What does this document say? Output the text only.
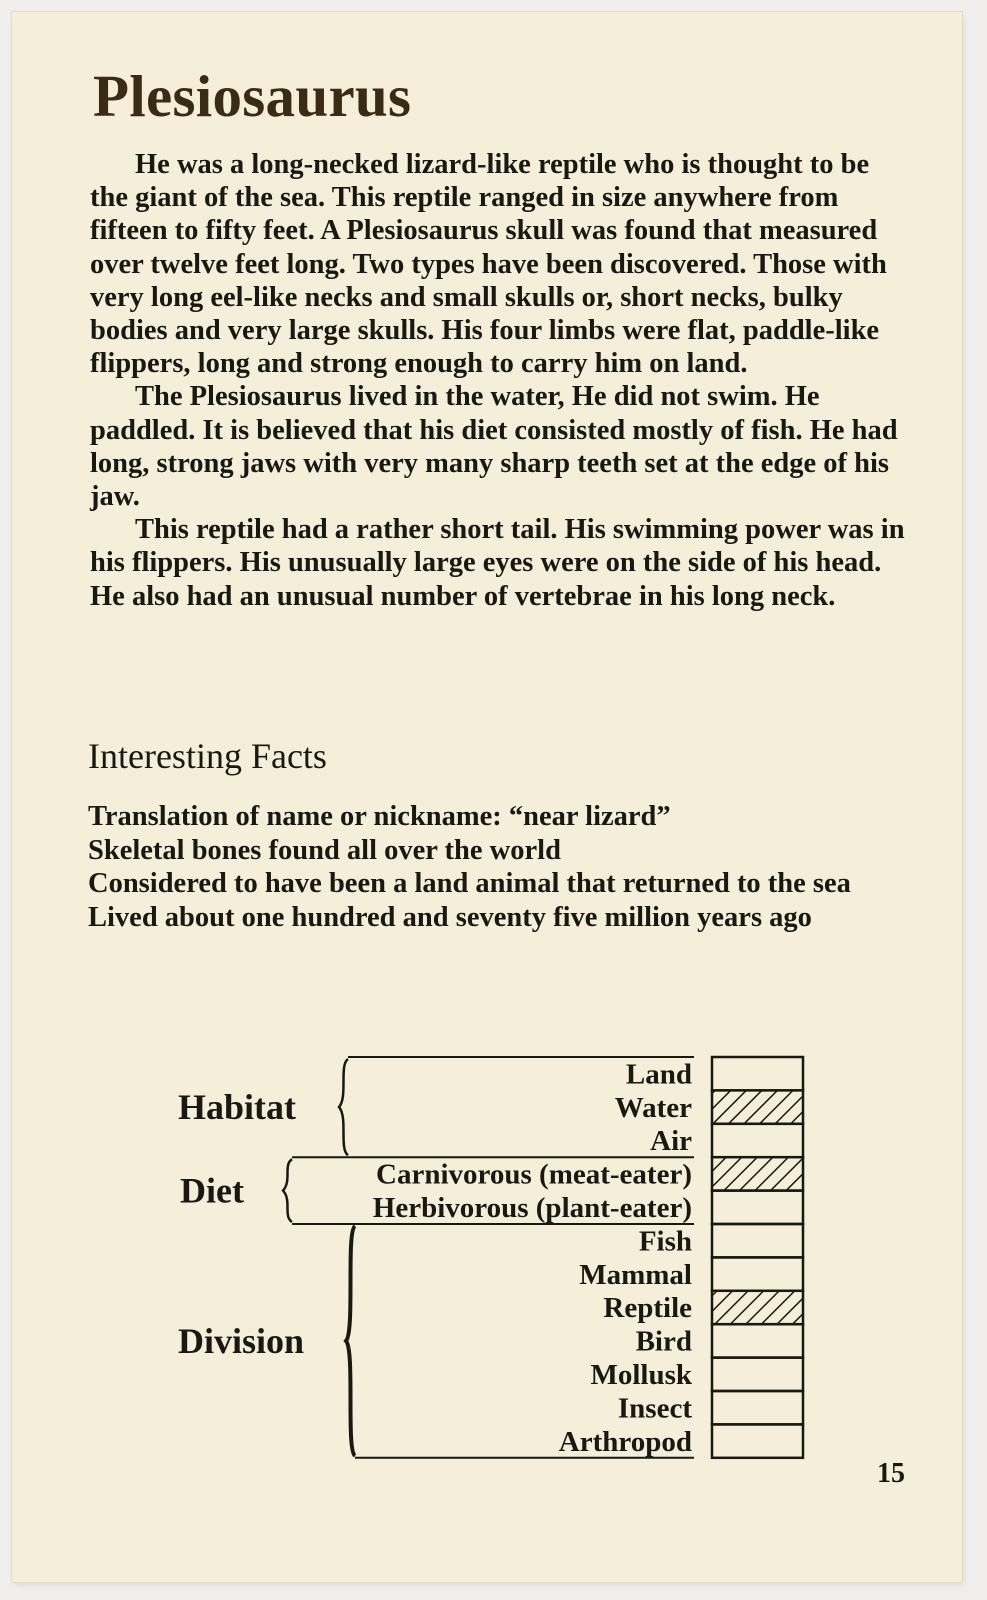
Plesiosaurus

He was a long-necked lizard-like reptile who is thought to be the giant of the sea. This reptile ranged in size anywhere from fifteen to fifty feet. A Plesiosaurus skull was found that measured over twelve feet long. Two types have been discovered. Those with very long eel-like necks and small skulls or, short necks, bulky bodies and very large skulls. His four limbs were flat, paddle-like flippers, long and strong enough to carry him on land.

The Plesiosaurus lived in the water, He did not swim. He paddled. It is believed that his diet consisted mostly of fish. He had long, strong jaws with very many sharp teeth set at the edge of his jaw.

This reptile had a rather short tail. His swimming power was in his flippers. His unusually large eyes were on the side of his head. He also had an unusual number of vertebrae in his long neck.

Interesting Facts
Translation of name or nickname: “near lizard”
Skeletal bones found all over the world
Considered to have been a land animal that returned to the sea
Lived about one hundred and seventy five million years ago
Land
Water
Air
Carnivorous (meat-eater)
Herbivorous (plant-eater)
Fish
Mammal
Reptile
Bird
Mollusk
Insect
Arthropod
Habitat
Diet
Division
15
